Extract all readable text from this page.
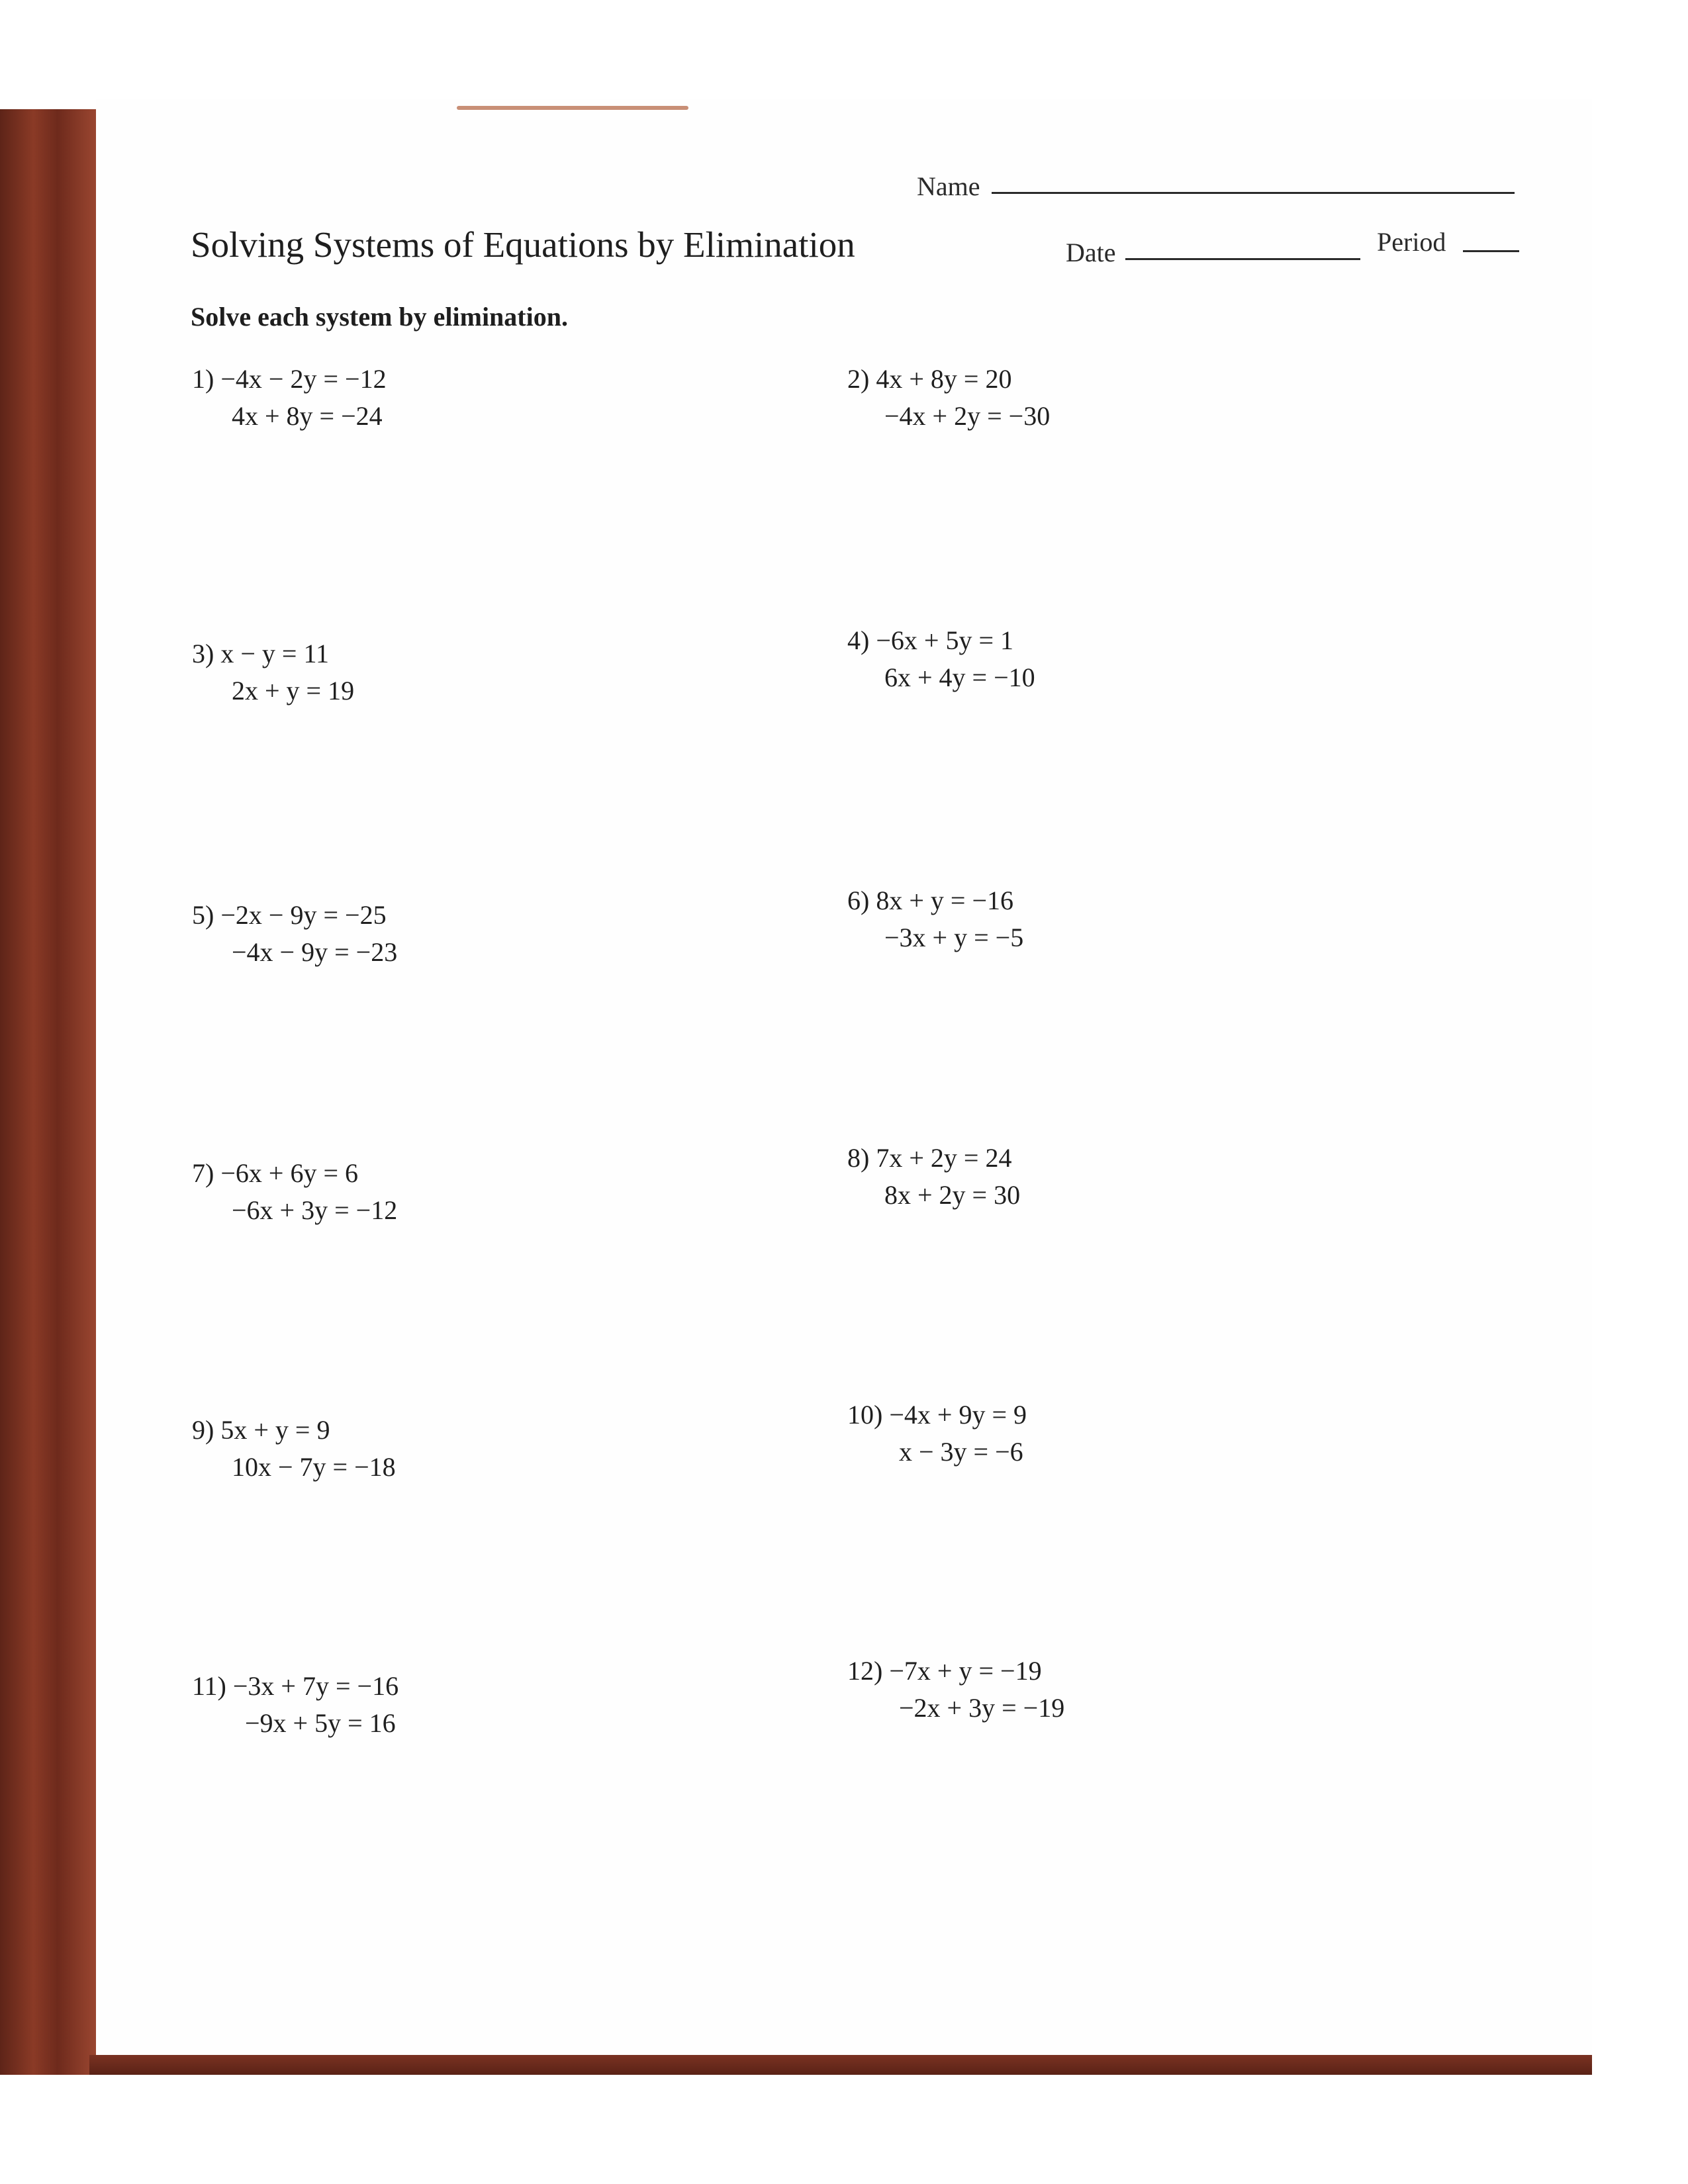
Name
Date	Period
Solving Systems of Equations by Elimination
Solve each system by elimination.
1) −4x − 2y = −12
4x + 8y = −24
3) x − y = 11
2x + y = 19
5) −2x − 9y = −25
−4x − 9y = −23
7) −6x + 6y = 6
−6x + 3y = −12
9) 5x + y = 9
10x − 7y = −18
11) −3x + 7y = −16
−9x + 5y = 16
2) 4x + 8y = 20
−4x + 2y = −30
4) −6x + 5y = 1
6x + 4y = −10
6) 8x + y = −16
−3x + y = −5
8) 7x + 2y = 24
8x + 2y = 30
10) −4x + 9y = 9
x − 3y = −6
12) −7x + y = −19
−2x + 3y = −19
